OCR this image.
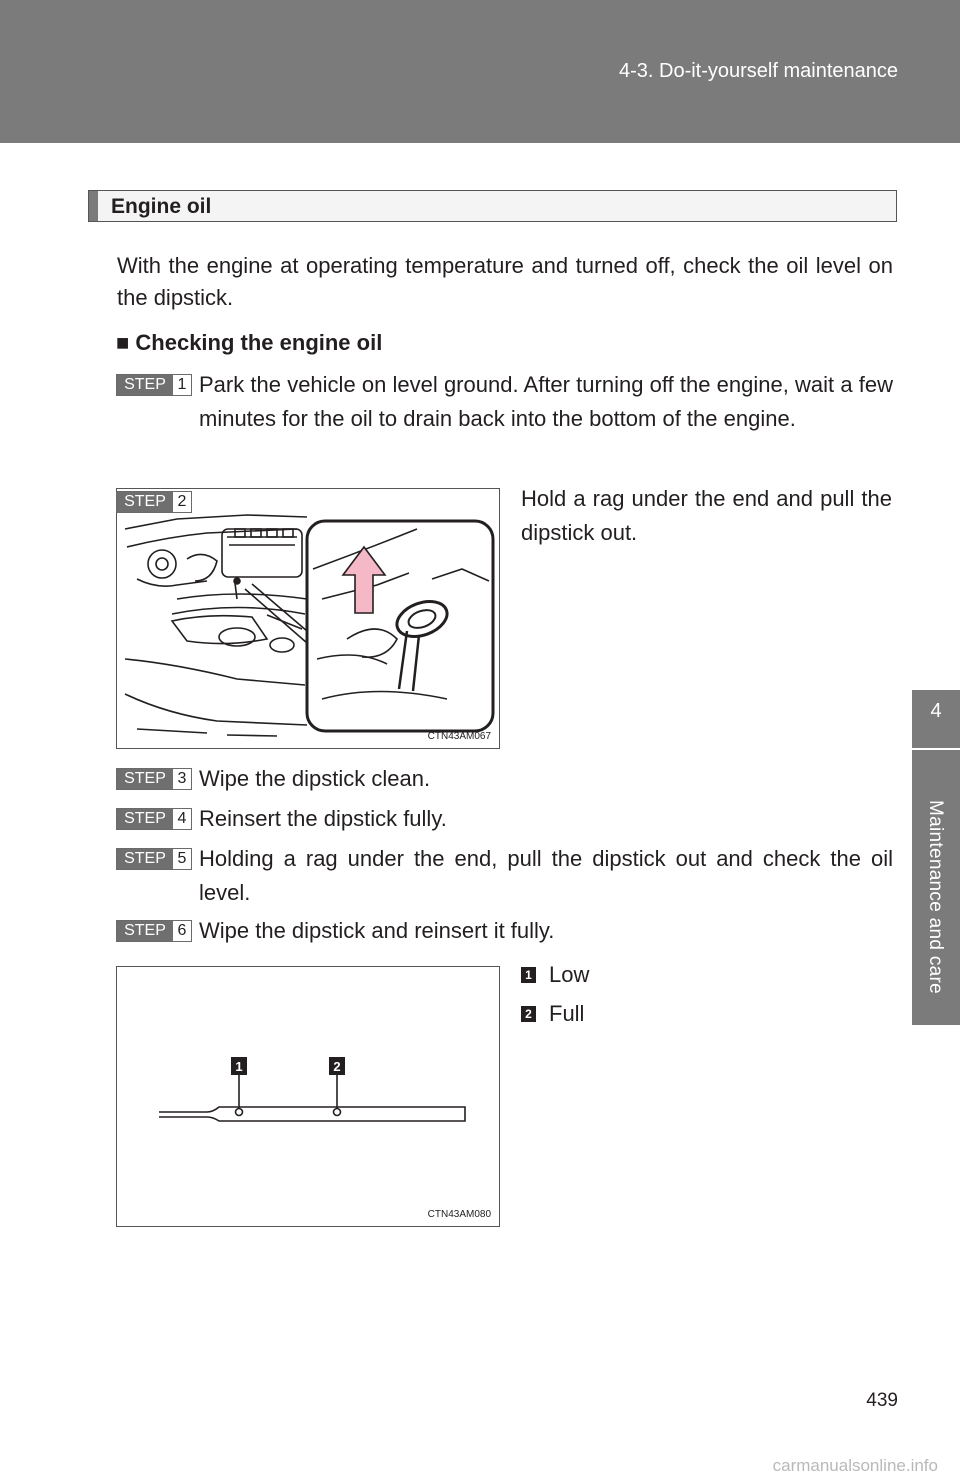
4-3. Do-it-yourself maintenance
4
Maintenance and care
Engine oil
With the engine at operating temperature and turned off, check the oil level on the dipstick.
■ Checking the engine oil
STEP 1 Park the vehicle on level ground. After turning off the engine, wait a few minutes for the oil to drain back into the bottom of the engine.
CTN43AM067
STEP 2	Hold a rag under the end and pull the dipstick out.
STEP 3 Wipe the dipstick clean.
STEP 4 Reinsert the dipstick fully.
STEP 5 Holding a rag under the end, pull the dipstick out and check the oil level.
STEP 6 Wipe the dipstick and reinsert it fully.
1	2
CTN43AM080
1 Low
2 Full
439
carmanualsonline.info
